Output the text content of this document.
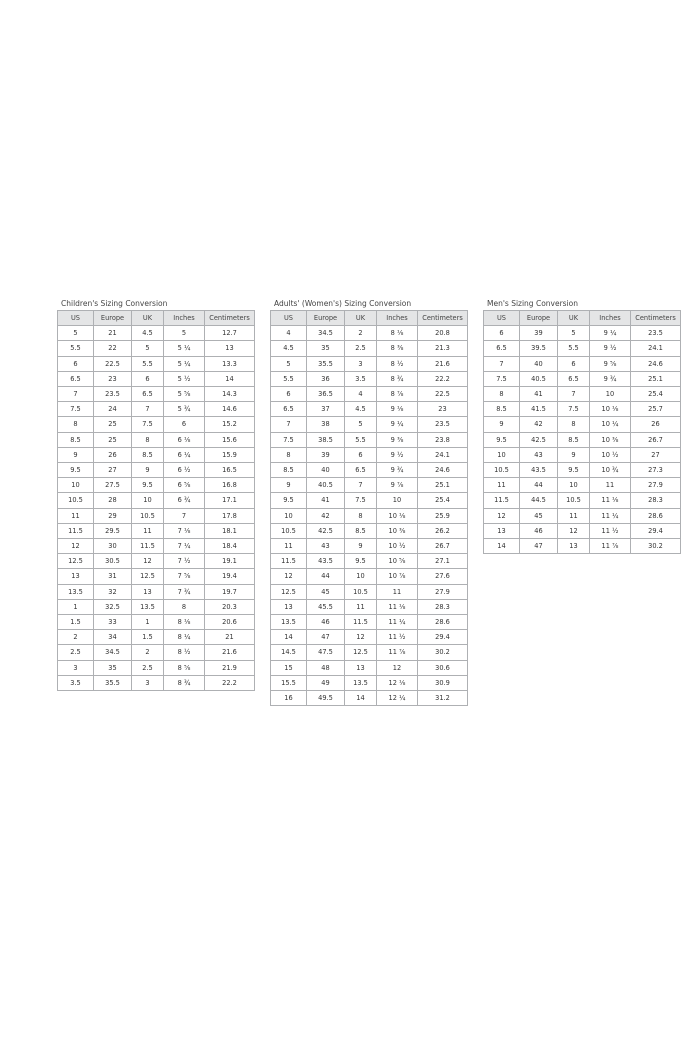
Children's Sizing Conversion
US	Europe	UK	Inches	Centimeters
5	21	4.5	5	12.7
5.5	22	5	5 ¼	13
6	22.5	5.5	5 ¼	13.3
6.5	23	6	5 ½	14
7	23.5	6.5	5 ⅝	14.3
7.5	24	7	5 ¾	14.6
8	25	7.5	6	15.2
8.5	25	8	6 ⅛	15.6
9	26	8.5	6 ¼	15.9
9.5	27	9	6 ½	16.5
10	27.5	9.5	6 ⅝	16.8
10.5	28	10	6 ¾	17.1
11	29	10.5	7	17.8
11.5	29.5	11	7 ⅛	18.1
12	30	11.5	7 ¼	18.4
12.5	30.5	12	7 ½	19.1
13	31	12.5	7 ⅝	19.4
13.5	32	13	7 ¾	19.7
1	32.5	13.5	8	20.3
1.5	33	1	8 ⅛	20.6
2	34	1.5	8 ¼	21
2.5	34.5	2	8 ½	21.6
3	35	2.5	8 ⅝	21.9
3.5	35.5	3	8 ¾	22.2
Adults' (Women's) Sizing Conversion
US	Europe	UK	Inches	Centimeters
4	34.5	2	8 ⅛	20.8
4.5	35	2.5	8 ⅜	21.3
5	35.5	3	8 ½	21.6
5.5	36	3.5	8 ¾	22.2
6	36.5	4	8 ⅞	22.5
6.5	37	4.5	9 ⅛	23
7	38	5	9 ¼	23.5
7.5	38.5	5.5	9 ⅜	23.8
8	39	6	9 ½	24.1
8.5	40	6.5	9 ¾	24.6
9	40.5	7	9 ⅞	25.1
9.5	41	7.5	10	25.4
10	42	8	10 ⅛	25.9
10.5	42.5	8.5	10 ⅜	26.2
11	43	9	10 ½	26.7
11.5	43.5	9.5	10 ⅝	27.1
12	44	10	10 ⅞	27.6
12.5	45	10.5	11	27.9
13	45.5	11	11 ⅛	28.3
13.5	46	11.5	11 ¼	28.6
14	47	12	11 ½	29.4
14.5	47.5	12.5	11 ⅞	30.2
15	48	13	12	30.6
15.5	49	13.5	12 ⅛	30.9
16	49.5	14	12 ¼	31.2
Men's Sizing Conversion
US	Europe	UK	Inches	Centimeters
6	39	5	9 ¼	23.5
6.5	39.5	5.5	9 ½	24.1
7	40	6	9 ⅝	24.6
7.5	40.5	6.5	9 ¾	25.1
8	41	7	10	25.4
8.5	41.5	7.5	10 ⅛	25.7
9	42	8	10 ¼	26
9.5	42.5	8.5	10 ⅜	26.7
10	43	9	10 ½	27
10.5	43.5	9.5	10 ¾	27.3
11	44	10	11	27.9
11.5	44.5	10.5	11 ⅛	28.3
12	45	11	11 ¼	28.6
13	46	12	11 ½	29.4
14	47	13	11 ⅞	30.2
